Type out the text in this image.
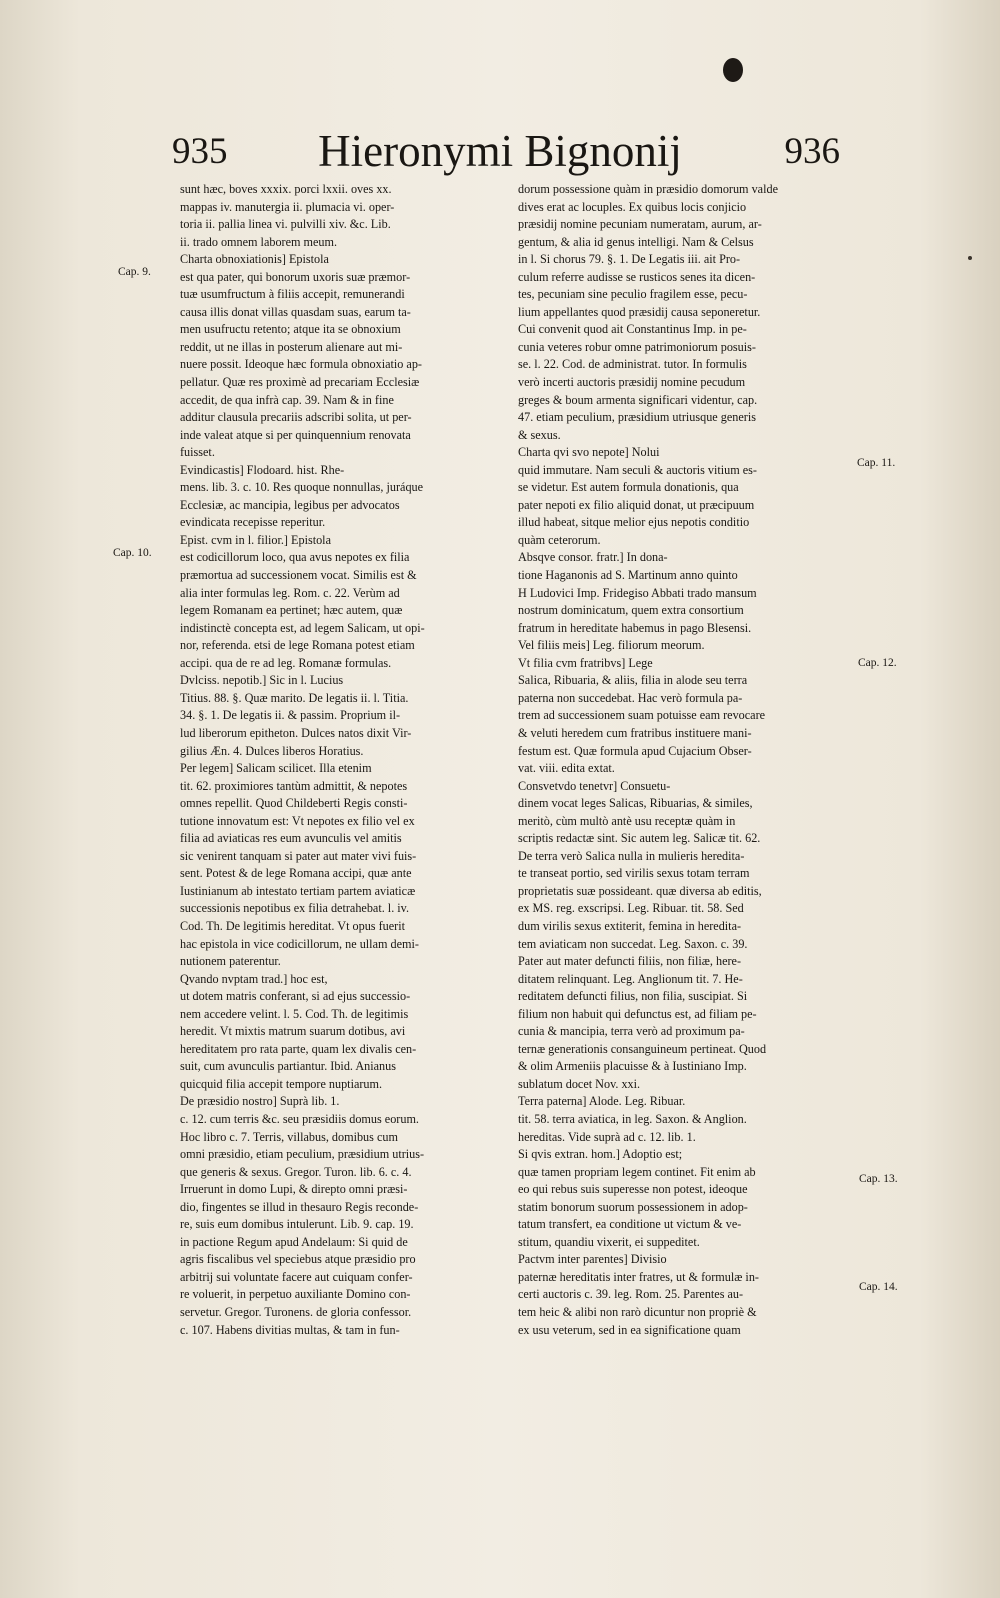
935	Hieronymi Bignonij	936
sunt hæc, boves xxxix. porci lxxii. oves xx.
mappas iv. manutergia ii. plumacia vi. oper-
toria ii. pallia linea vi. pulvilli xiv. &c. Lib.
ii. trado omnem laborem meum.
Charta obnoxiationis] Epistola
est qua pater, qui bonorum uxoris suæ præmor-
tuæ usumfructum à filiis accepit, remunerandi
causa illis donat villas quasdam suas, earum ta-
men usufructu retento; atque ita se obnoxium
reddit, ut ne illas in posterum alienare aut mi-
nuere possit. Ideoque hæc formula obnoxiatio ap-
pellatur. Quæ res proximè ad precariam Ecclesiæ
accedit, de qua infrà cap. 39. Nam & in fine
additur clausula precariis adscribi solita, ut per-
inde valeat atque si per quinquennium renovata
fuisset.
Evindicastis] Flodoard. hist. Rhe-
mens. lib. 3. c. 10. Res quoque nonnullas, juráque
Ecclesiæ, ac mancipia, legibus per advocatos
evindicata recepisse reperitur.
Epist. cvm in l. filior.] Epistola
est codicillorum loco, qua avus nepotes ex filia
præmortua ad successionem vocat. Similis est &
alia inter formulas leg. Rom. c. 22. Verùm ad
legem Romanam ea pertinet; hæc autem, quæ
indistinctè concepta est, ad legem Salicam, ut opi-
nor, referenda. etsi de lege Romana potest etiam
accipi. qua de re ad leg. Romanæ formulas.
Dvlciss. nepotib.] Sic in l. Lucius
Titius. 88. §. Quæ marito. De legatis ii. l. Titia.
34. §. 1. De legatis ii. & passim. Proprium il-
lud liberorum epitheton. Dulces natos dixit Vir-
gilius Æn. 4. Dulces liberos Horatius.
Per legem] Salicam scilicet. Illa etenim
tit. 62. proximiores tantùm admittit, & nepotes
omnes repellit. Quod Childeberti Regis consti-
tutione innovatum est: Vt nepotes ex filio vel ex
filia ad aviaticas res eum avunculis vel amitis
sic venirent tanquam si pater aut mater vivi fuis-
sent. Potest & de lege Romana accipi, quæ ante
Iustinianum ab intestato tertiam partem aviaticæ
successionis nepotibus ex filia detrahebat. l. iv.
Cod. Th. De legitimis hereditat. Vt opus fuerit
hac epistola in vice codicillorum, ne ullam demi-
nutionem paterentur.
Qvando nvptam trad.] hoc est,
ut dotem matris conferant, si ad ejus successio-
nem accedere velint. l. 5. Cod. Th. de legitimis
heredit. Vt mixtis matrum suarum dotibus, avi
hereditatem pro rata parte, quam lex divalis cen-
suit, cum avunculis partiantur. Ibid. Anianus
quicquid filia accepit tempore nuptiarum.
De præsidio nostro] Suprà lib. 1.
c. 12. cum terris &c. seu præsidiis domus eorum.
Hoc libro c. 7. Terris, villabus, domibus cum
omni præsidio, etiam peculium, præsidium utrius-
que generis & sexus. Gregor. Turon. lib. 6. c. 4.
Irruerunt in domo Lupi, & direpto omni præsi-
dio, fingentes se illud in thesauro Regis reconde-
re, suis eum domibus intulerunt. Lib. 9. cap. 19.
in pactione Regum apud Andelaum: Si quid de
agris fiscalibus vel speciebus atque præsidio pro
arbitrij sui voluntate facere aut cuiquam confer-
re voluerit, in perpetuo auxiliante Domino con-
servetur. Gregor. Turonens. de gloria confessor.
c. 107. Habens divitias multas, & tam in fun-
dorum possessione quàm in præsidio domorum valde
dives erat ac locuples. Ex quibus locis conjicio
præsidij nomine pecuniam numeratam, aurum, ar-
gentum, & alia id genus intelligi. Nam & Celsus
in l. Si chorus 79. §. 1. De Legatis iii. ait Pro-
culum referre audisse se rusticos senes ita dicen-
tes, pecuniam sine peculio fragilem esse, pecu-
lium appellantes quod præsidij causa seponeretur.
Cui convenit quod ait Constantinus Imp. in pe-
cunia veteres robur omne patrimoniorum posuis-
se. l. 22. Cod. de administrat. tutor. In formulis
verò incerti auctoris præsidij nomine pecudum
greges & boum armenta significari videntur, cap.
47. etiam peculium, præsidium utriusque generis
& sexus.
Charta qvi svo nepote] Nolui
quid immutare. Nam seculi & auctoris vitium es-
se videtur. Est autem formula donationis, qua
pater nepoti ex filio aliquid donat, ut præcipuum
illud habeat, sitque melior ejus nepotis conditio
quàm ceterorum.
Absqve consor. fratr.] In dona-
tione Haganonis ad S. Martinum anno quinto
H Ludovici Imp. Fridegiso Abbati trado mansum
nostrum dominicatum, quem extra consortium
fratrum in hereditate habemus in pago Blesensi.
Vel filiis meis] Leg. filiorum meorum.
Vt filia cvm fratribvs] Lege
Salica, Ribuaria, & aliis, filia in alode seu terra
paterna non succedebat. Hac verò formula pa-
trem ad successionem suam potuisse eam revocare
& veluti heredem cum fratribus instituere mani-
festum est. Quæ formula apud Cujacium Obser-
vat. viii. edita extat.
Consvetvdo tenetvr] Consuetu-
dinem vocat leges Salicas, Ribuarias, & similes,
meritò, cùm multò antè usu receptæ quàm in
scriptis redactæ sint. Sic autem leg. Salicæ tit. 62.
De terra verò Salica nulla in mulieris heredita-
te transeat portio, sed virilis sexus totam terram
proprietatis suæ possideant. quæ diversa ab editis,
ex MS. reg. exscripsi. Leg. Ribuar. tit. 58. Sed
dum virilis sexus extiterit, femina in heredita-
tem aviaticam non succedat. Leg. Saxon. c. 39.
Pater aut mater defuncti filiis, non filiæ, here-
ditatem relinquant. Leg. Anglionum tit. 7. He-
reditatem defuncti filius, non filia, suscipiat. Si
filium non habuit qui defunctus est, ad filiam pe-
cunia & mancipia, terra verò ad proximum pa-
ternæ generationis consanguineum pertineat. Quod
& olim Armeniis placuisse & à Iustiniano Imp.
sublatum docet Nov. xxi.
Terra paterna] Alode. Leg. Ribuar.
tit. 58. terra aviatica, in leg. Saxon. & Anglion.
hereditas. Vide suprà ad c. 12. lib. 1.
Si qvis extran. hom.] Adoptio est;
quæ tamen propriam legem continet. Fit enim ab
eo qui rebus suis superesse non potest, ideoque
statim bonorum suorum possessionem in adop-
tatum transfert, ea conditione ut victum & ve-
stitum, quandiu vixerit, ei suppeditet.
Pactvm inter parentes] Divisio
paternæ hereditatis inter fratres, ut & formulæ in-
certi auctoris c. 39. leg. Rom. 25. Parentes au-
tem heic & alibi non rarò dicuntur non propriè &
ex usu veterum, sed in ea significatione quam
Cap. 9.
Cap. 10.
Cap. 11.
Cap. 12.
Cap. 13.
Cap. 14.
